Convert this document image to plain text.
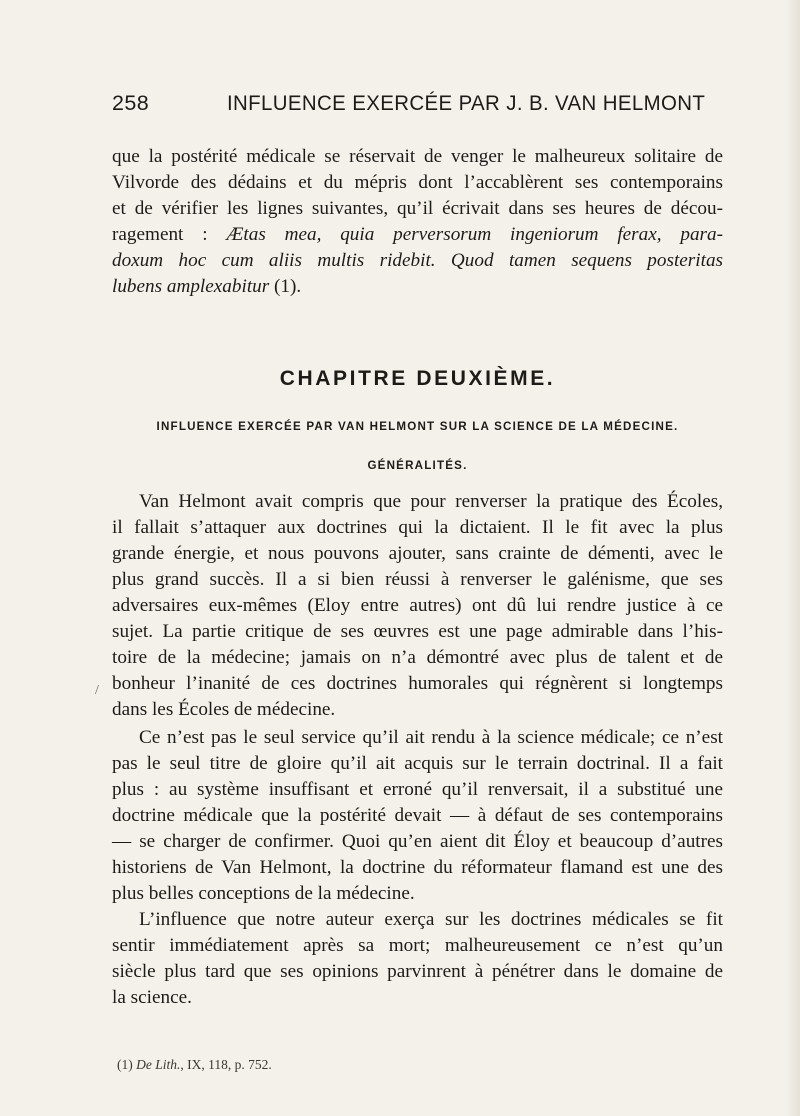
258	INFLUENCE EXERCÉE PAR J. B. VAN HELMONT
que la postérité médicale se réservait de venger le malheureux solitaire de
Vilvorde des dédains et du mépris dont l’accablèrent ses contemporains
et de vérifier les lignes suivantes, qu’il écrivait dans ses heures de décou-
ragement : Ætas mea, quia perversorum ingeniorum ferax, para-
doxum hoc cum aliis multis ridebit. Quod tamen sequens posteritas
lubens amplexabitur (1).
CHAPITRE DEUXIÈME.
INFLUENCE EXERCÉE PAR VAN HELMONT SUR LA SCIENCE DE LA MÉDECINE.
GÉNÉRALITÉS.
Van Helmont avait compris que pour renverser la pratique des Écoles,
il fallait s’attaquer aux doctrines qui la dictaient. Il le fit avec la plus
grande énergie, et nous pouvons ajouter, sans crainte de démenti, avec le
plus grand succès. Il a si bien réussi à renverser le galénisme, que ses
adversaires eux-mêmes (Eloy entre autres) ont dû lui rendre justice à ce
sujet. La partie critique de ses œuvres est une page admirable dans l’his-
toire de la médecine; jamais on n’a démontré avec plus de talent et de
bonheur l’inanité de ces doctrines humorales qui régnèrent si longtemps
dans les Écoles de médecine.
Ce n’est pas le seul service qu’il ait rendu à la science médicale; ce n’est
pas le seul titre de gloire qu’il ait acquis sur le terrain doctrinal. Il a fait
plus : au système insuffisant et erroné qu’il renversait, il a substitué une
doctrine médicale que la postérité devait — à défaut de ses contemporains
— se charger de confirmer. Quoi qu’en aient dit Éloy et beaucoup d’autres
historiens de Van Helmont, la doctrine du réformateur flamand est une des
plus belles conceptions de la médecine.
L’influence que notre auteur exerça sur les doctrines médicales se fit
sentir immédiatement après sa mort; malheureusement ce n’est qu’un
siècle plus tard que ses opinions parvinrent à pénétrer dans le domaine de
la science.
/
(1) De Lith., IX, 118, p. 752.
